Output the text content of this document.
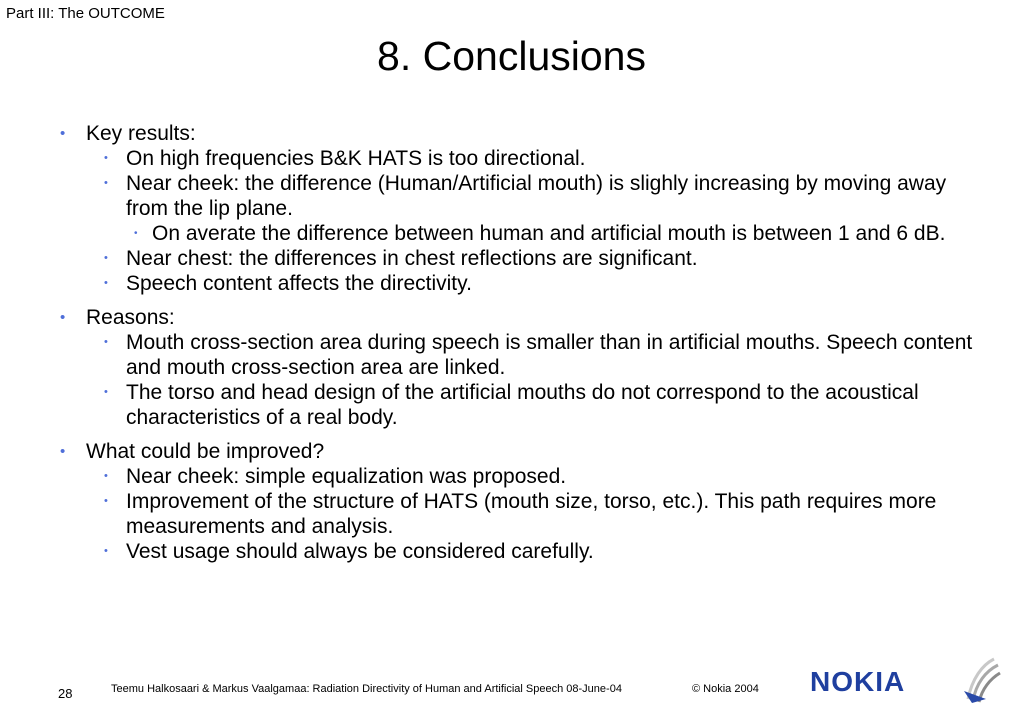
Part III: The OUTCOME
8. Conclusions
• Key results:
• On high frequencies B&K HATS is too directional.
• Near cheek: the difference (Human/Artificial mouth) is slighly increasing by moving away from the lip plane.
• On averate the difference between human and artificial mouth is between 1 and 6 dB.
• Near chest: the differences in chest reflections are significant.
• Speech content affects the directivity.
• Reasons:
• Mouth cross-section area during speech is smaller than in artificial mouths. Speech content and mouth cross-section area are linked.
• The torso and head design of the artificial mouths do not correspond to the acoustical characteristics of a real body.
• What could be improved?
• Near cheek: simple equalization was proposed.
• Improvement of the structure of HATS (mouth size, torso, etc.). This path requires more measurements and analysis.
• Vest usage should always be considered carefully.
28	Teemu Halkosaari & Markus Vaalgamaa: Radiation Directivity of Human and Artificial Speech 08-June-04	© Nokia 2004 NOKIA
